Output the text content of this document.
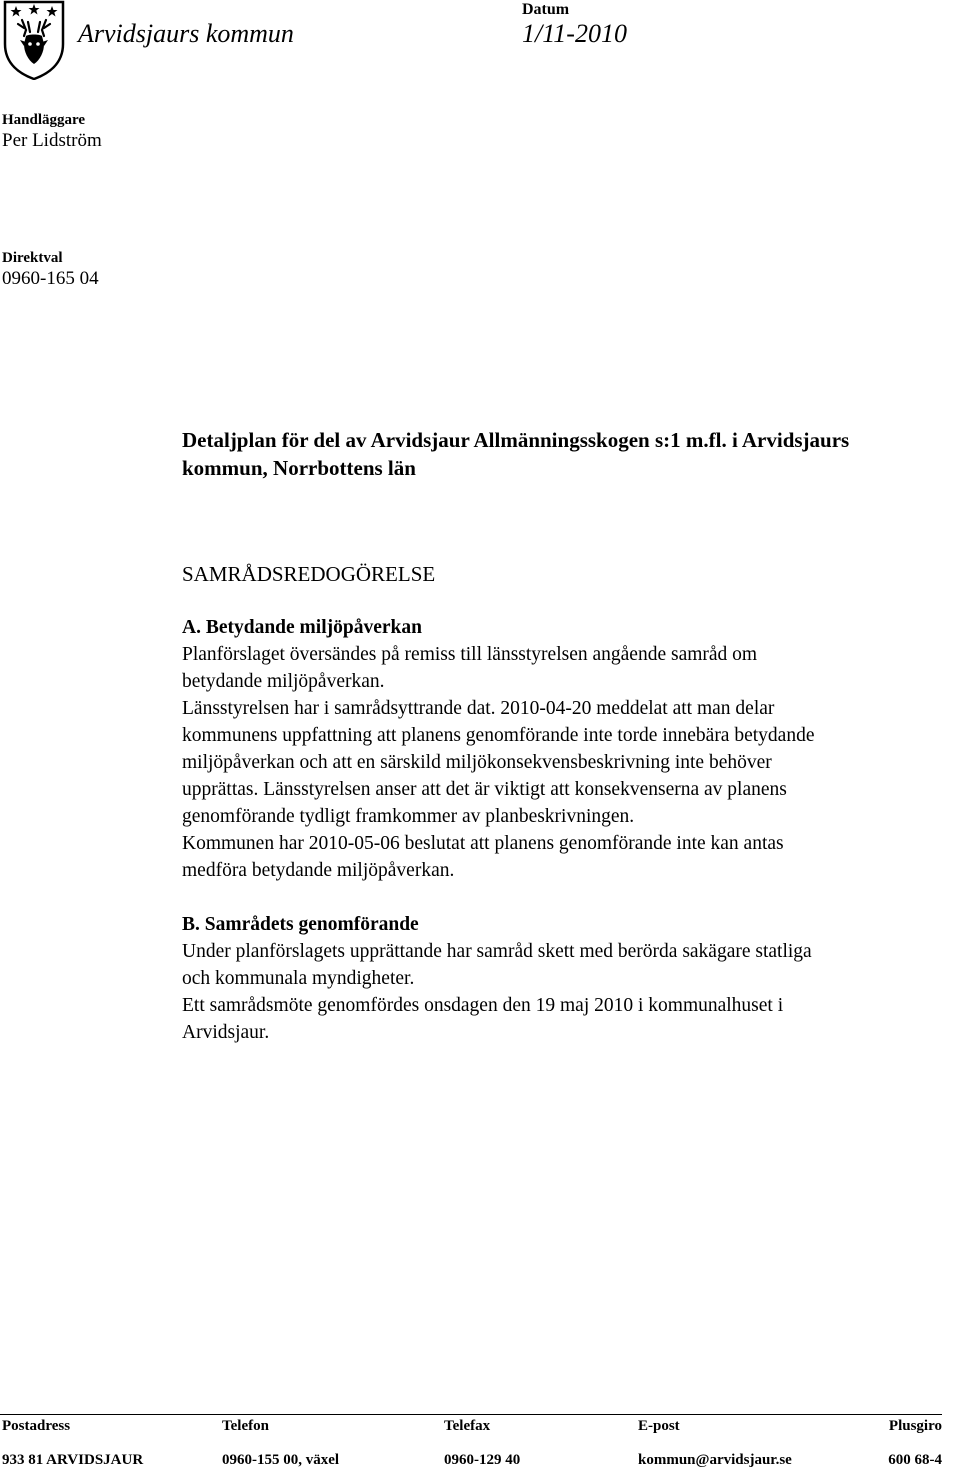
Arvidsjaurs kommun
Datum
1/11-2010
Handläggare
Per Lidström
Direktval
0960-165 04
Detaljplan för del av Arvidsjaur Allmänningsskogen s:1 m.fl. i Arvidsjaurs
kommun, Norrbottens län
SAMRÅDSREDOGÖRELSE

A. Betydande miljöpåverkan

Planförslaget översändes på remiss till länsstyrelsen angående samråd om

betydande miljöpåverkan.

Länsstyrelsen har i samrådsyttrande dat. 2010-04-20 meddelat att man delar

kommunens uppfattning att planens genomförande inte torde innebära betydande

miljöpåverkan och att en särskild miljökonsekvensbeskrivning inte behöver

upprättas. Länsstyrelsen anser att det är viktigt att konsekvenserna av planens

genomförande tydligt framkommer av planbeskrivningen.

Kommunen har 2010-05-06 beslutat att planens genomförande inte kan antas

medföra betydande miljöpåverkan.

B. Samrådets genomförande

Under planförslagets upprättande har samråd skett med berörda sakägare statliga

och kommunala myndigheter.

Ett samrådsmöte genomfördes onsdagen den 19 maj 2010 i kommunalhuset i

Arvidsjaur.

Postadress	Telefon	Telefax	E-post	Plusgiro
933 81 ARVIDSJAUR	0960-155 00, växel	0960-129 40	kommun@arvidsjaur.se	600 68-4
